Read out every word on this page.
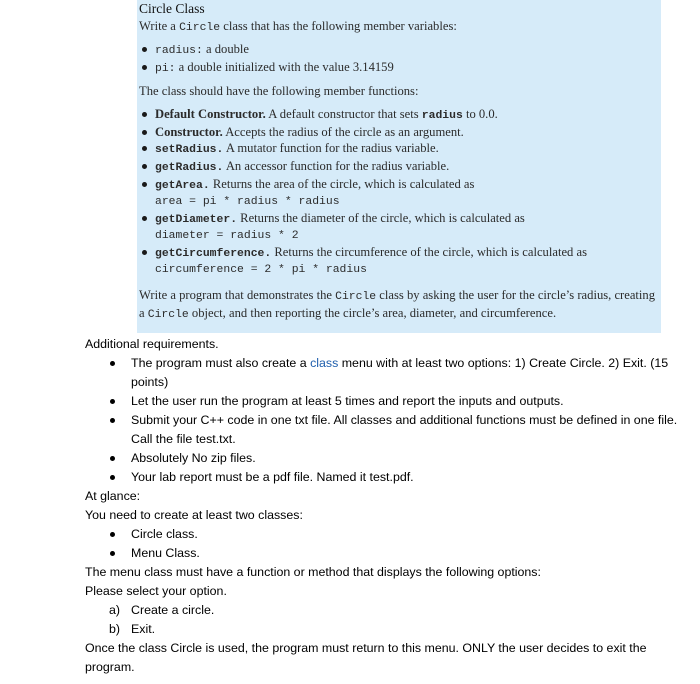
Circle Class

Write a Circle class that has the following member variables:

radius: a double
pi: a double initialized with the value 3.14159

The class should have the following member functions:

Default Constructor. A default constructor that sets radius to 0.0.
Constructor. Accepts the radius of the circle as an argument.
setRadius. A mutator function for the radius variable.
getRadius. An accessor function for the radius variable.
getArea. Returns the area of the circle, which is calculated as
area = pi * radius * radius
getDiameter. Returns the diameter of the circle, which is calculated as
diameter = radius * 2
getCircumference. Returns the circumference of the circle, which is calculated as
circumference = 2 * pi * radius

Write a program that demonstrates the Circle class by asking the user for the circle’s radius, creating a Circle object, and then reporting the circle’s area, diameter, and circumference.

Additional requirements.

The program must also create a class menu with at least two options: 1) Create Circle. 2) Exit. (15 points)
Let the user run the program at least 5 times and report the inputs and outputs.
Submit your C++ code in one txt file. All classes and additional functions must be defined in one file. Call the file test.txt.
Absolutely No zip files.
Your lab report must be a pdf file. Named it test.pdf.

At glance:

You need to create at least two classes:

Circle class.
Menu Class.

The menu class must have a function or method that displays the following options:

Please select your option.

a) Create a circle.
b) Exit.

Once the class Circle is used, the program must return to this menu. ONLY the user decides to exit the program.
